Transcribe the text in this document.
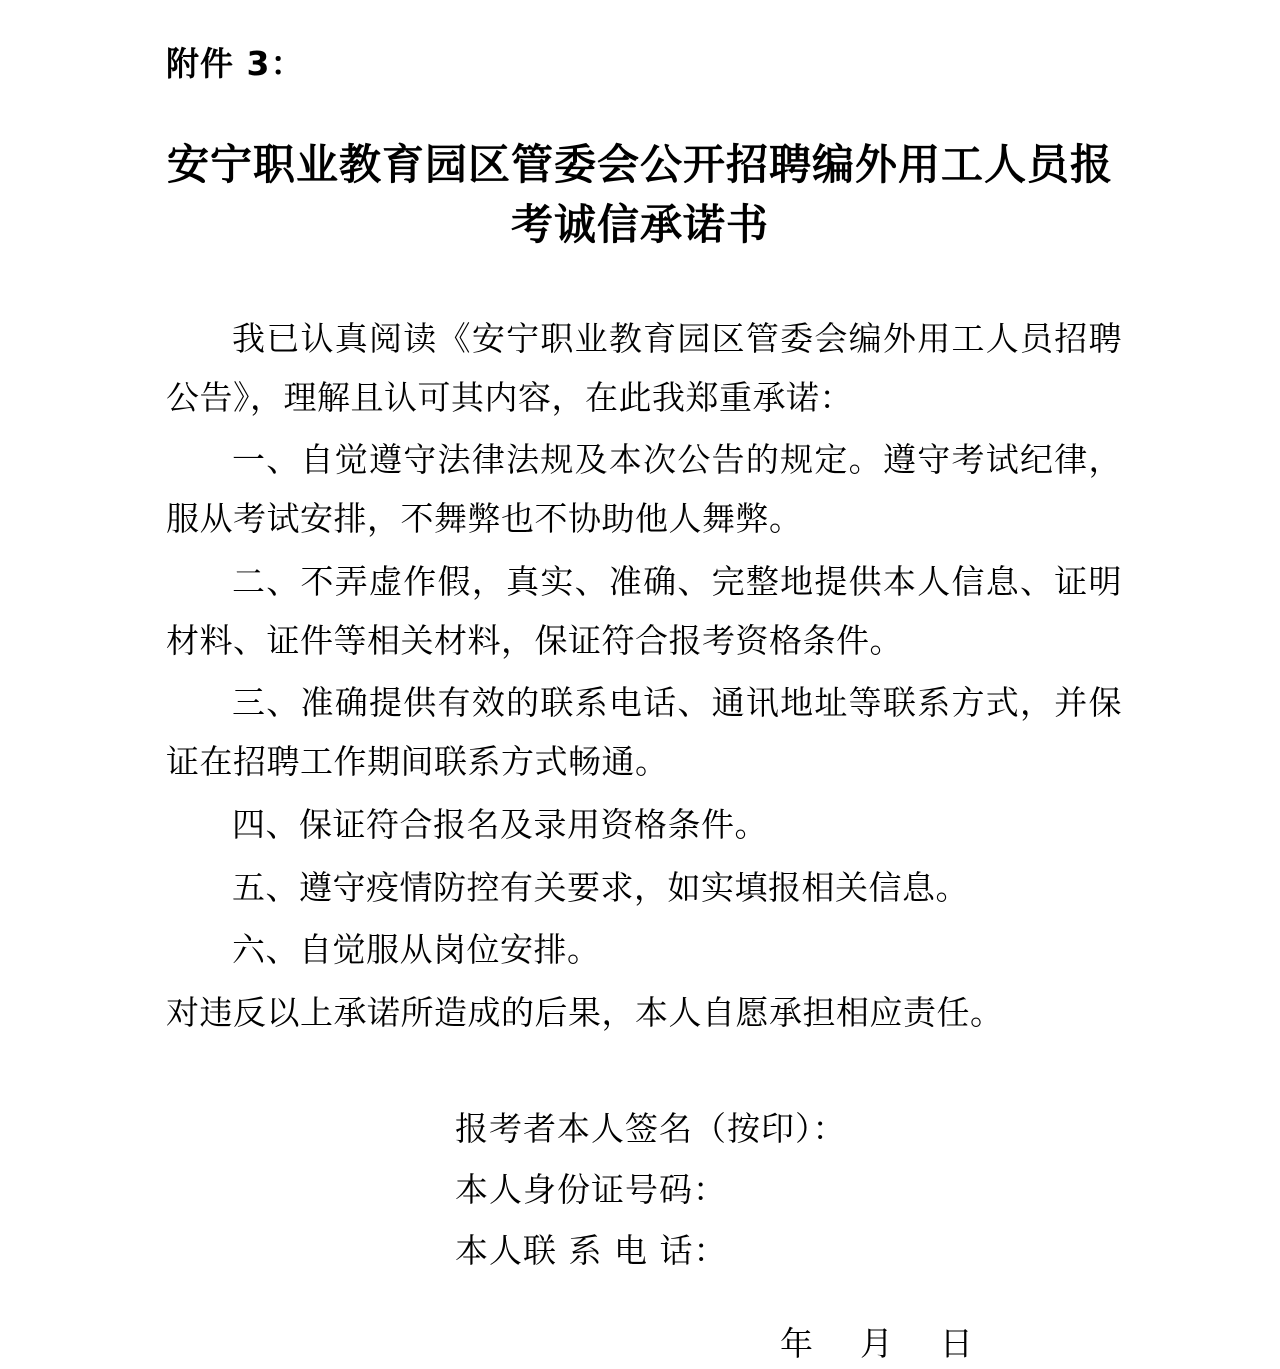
附件 3：
安宁职业教育园区管委会公开招聘编外用工人员报考诚信承诺书

我已认真阅读《安宁职业教育园区管委会编外用工人员招聘公告》，理解且认可其内容，在此我郑重承诺：

一、自觉遵守法律法规及本次公告的规定。遵守考试纪律，服从考试安排，不舞弊也不协助他人舞弊。

二、不弄虚作假，真实、准确、完整地提供本人信息、证明材料、证件等相关材料，保证符合报考资格条件。

三、准确提供有效的联系电话、通讯地址等联系方式，并保证在招聘工作期间联系方式畅通。

四、保证符合报名及录用资格条件。

五、遵守疫情防控有关要求，如实填报相关信息。

六、自觉服从岗位安排。

对违反以上承诺所造成的后果，本人自愿承担相应责任。

报考者本人签名（按印）：
本人身份证号码：
本人联 系 电 话：
年    月    日
